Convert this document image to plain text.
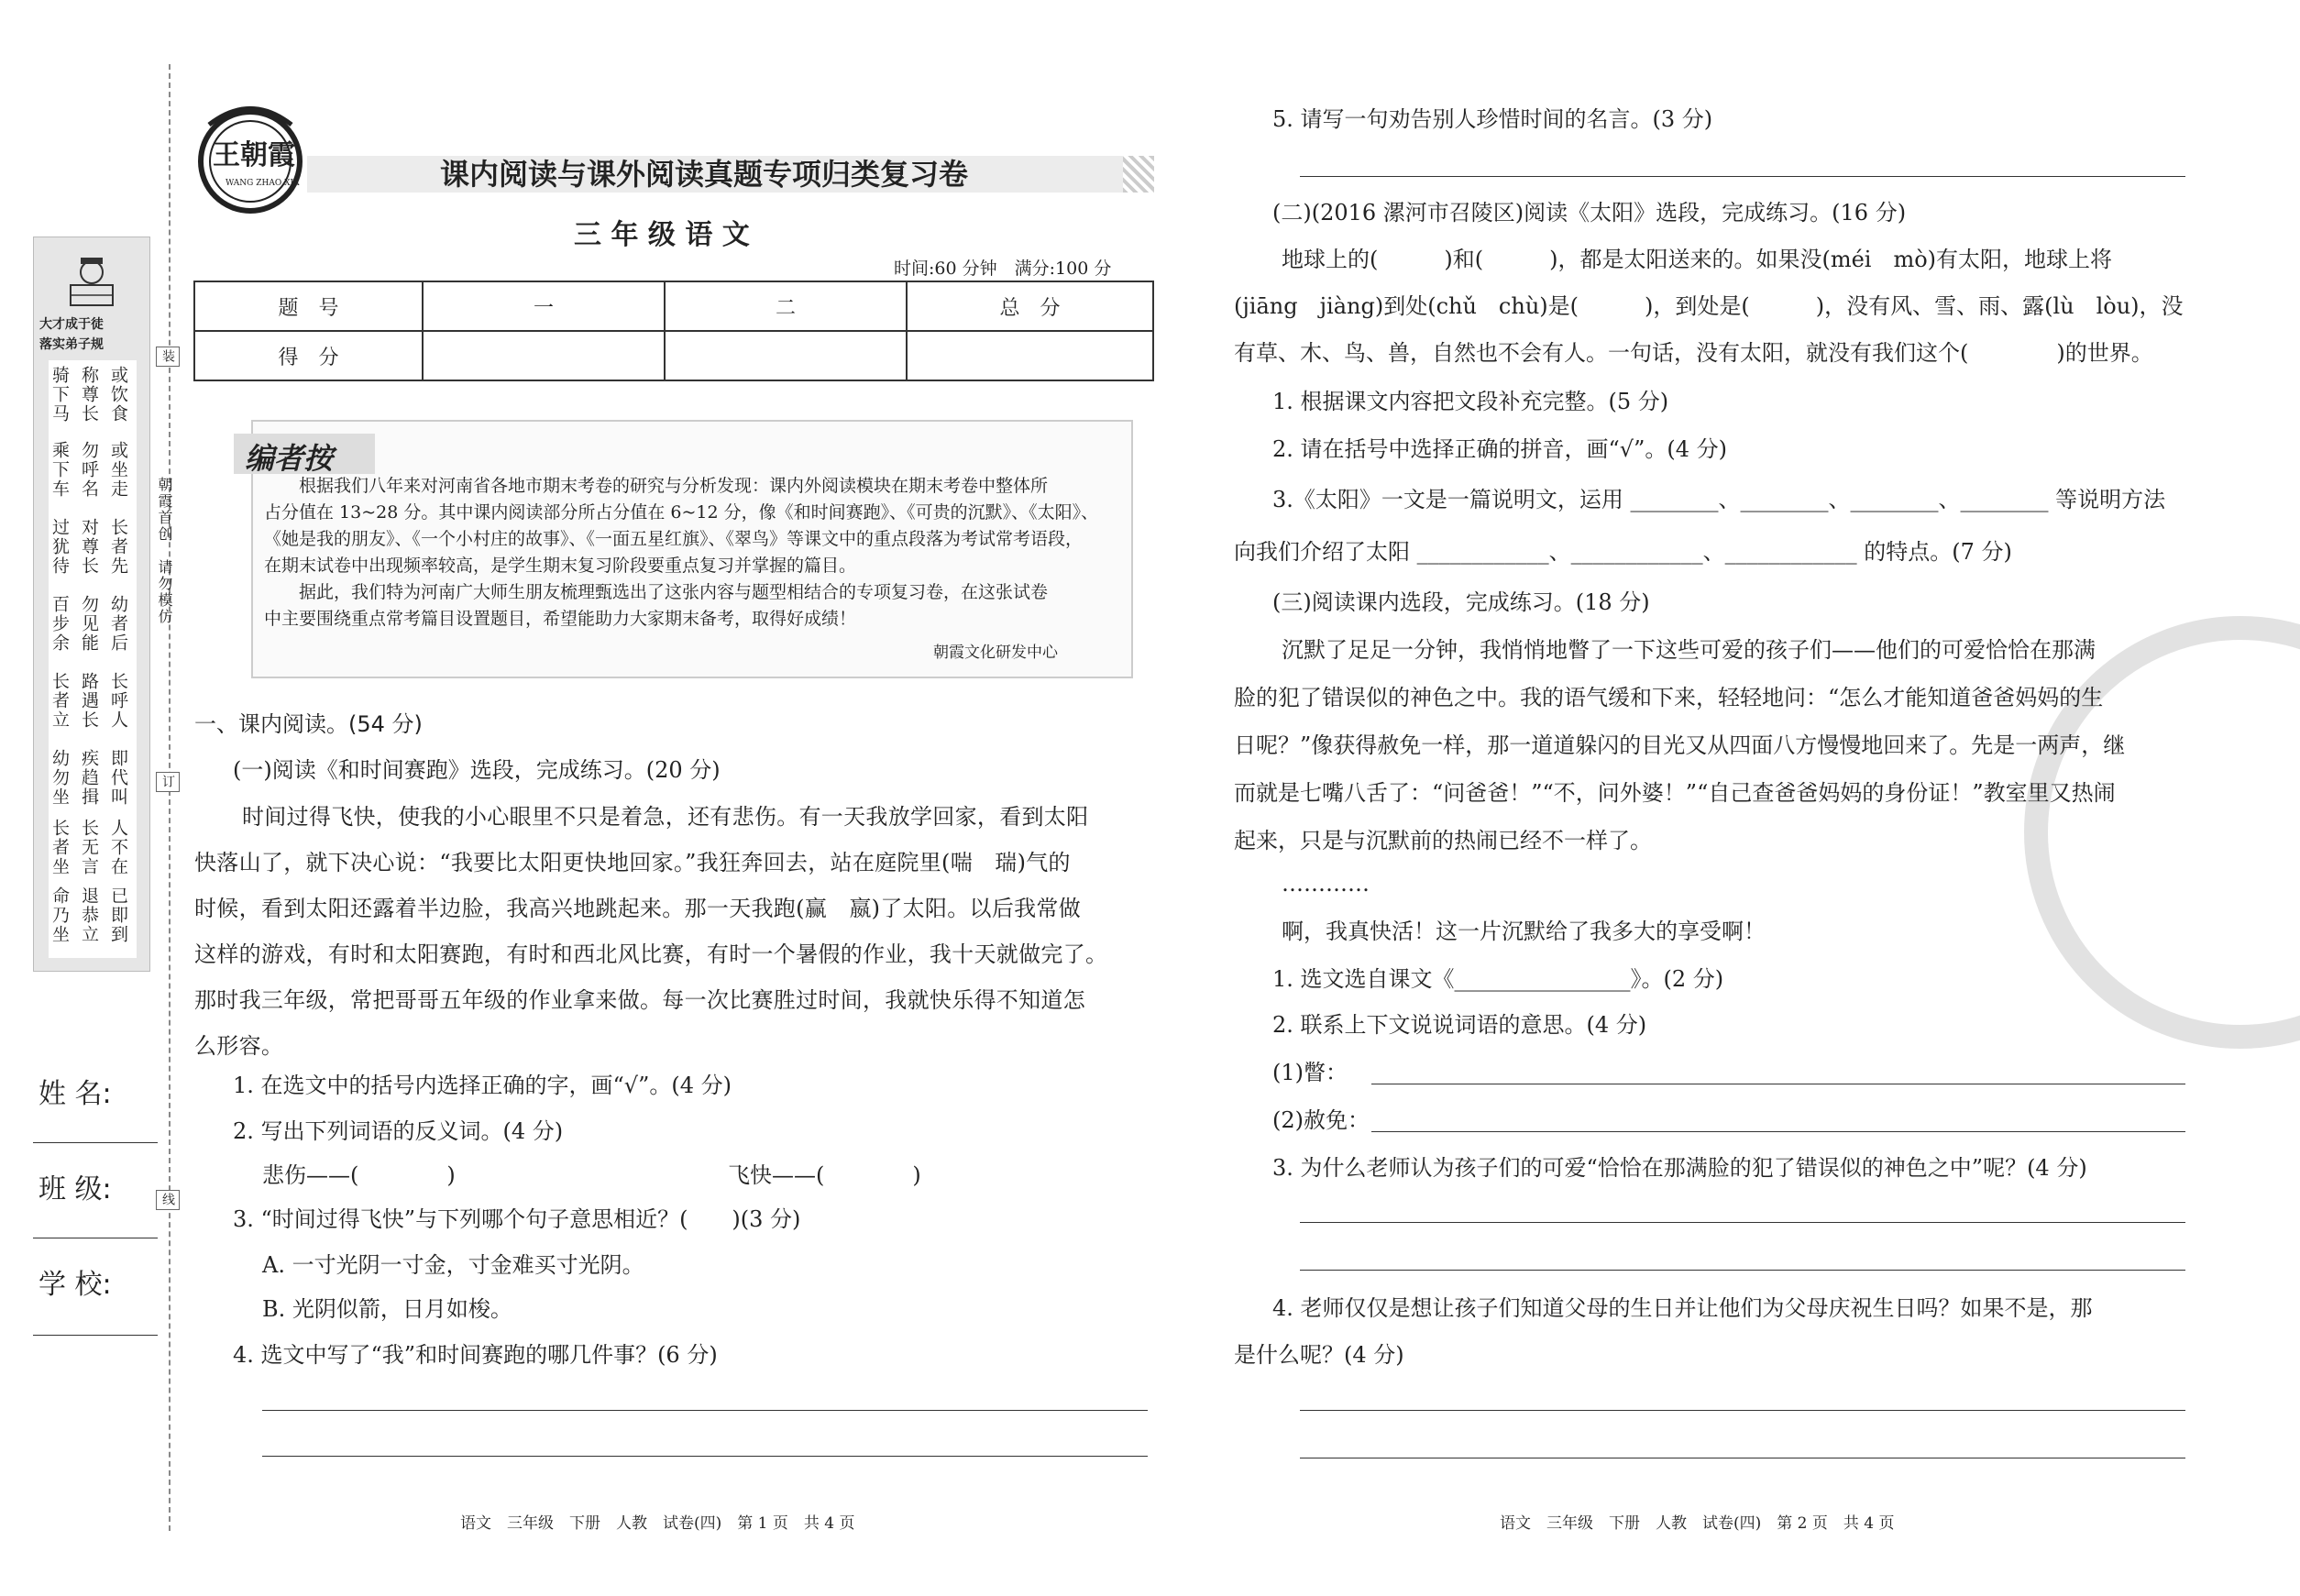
大才成于徒
落实弟子规
骑下马 称尊长 或饮食
乘下车 勿呼名 或坐走
过犹待 对尊长 长者先
百步余 勿见能 幼者后
长者立 路遇长 长呼人
幼勿坐 疾趋揖 即代叫
长者坐 长无言 人不在
命乃坐 退恭立 已即到
装
朝霞首创　请勿模仿
订
线
姓 名:
班 级:
学 校:
王朝霞
WANG ZHAO XIA	课内阅读与课外阅读真题专项归类复习卷
三 年 级 语 文
时间:60 分钟　满分:100 分
题　号	一	二	总　分
得　分			
编者按
根据我们八年来对河南省各地市期末考卷的研究与分析发现：课内外阅读模块在期末考卷中整体所
占分值在 13~28 分。其中课内阅读部分所占分值在 6~12 分，像《和时间赛跑》、《可贵的沉默》、《太阳》、
《她是我的朋友》、《一个小村庄的故事》、《一面五星红旗》、《翠鸟》等课文中的重点段落为考试常考语段，
在期末试卷中出现频率较高，是学生期末复习阶段要重点复习并掌握的篇目。
据此，我们特为河南广大师生朋友梳理甄选出了这张内容与题型相结合的专项复习卷，在这张试卷
中主要围绕重点常考篇目设置题目，希望能助力大家期末备考，取得好成绩！
朝霞文化研发中心
一、课内阅读。(54 分)
(一)阅读《和时间赛跑》选段，完成练习。(20 分)
时间过得飞快，使我的小心眼里不只是着急，还有悲伤。有一天我放学回家，看到太阳
快落山了，就下决心说：“我要比太阳更快地回家。”我狂奔回去，站在庭院里(喘　瑞)气的
时候，看到太阳还露着半边脸，我高兴地跳起来。那一天我跑(赢　嬴)了太阳。以后我常做
这样的游戏，有时和太阳赛跑，有时和西北风比赛，有时一个暑假的作业，我十天就做完了。
那时我三年级，常把哥哥五年级的作业拿来做。每一次比赛胜过时间，我就快乐得不知道怎
么形容。
1. 在选文中的括号内选择正确的字，画“√”。(4 分)
2. 写出下列词语的反义词。(4 分)
悲伤——(　　　　)	飞快——(　　　　)
3. “时间过得飞快”与下列哪个句子意思相近？(　　)(3 分)
A. 一寸光阴一寸金，寸金难买寸光阴。
B. 光阴似箭，日月如梭。
4. 选文中写了“我”和时间赛跑的哪几件事？(6 分)
语文　三年级　下册　人教　试卷(四)　第 1 页　共 4 页
5. 请写一句劝告别人珍惜时间的名言。(3 分)
(二)(2016 漯河市召陵区)阅读《太阳》选段，完成练习。(16 分)
地球上的(　　　)和(　　　)，都是太阳送来的。如果没(méi　mò)有太阳，地球上将
(jiāng　jiàng)到处(chǔ　chù)是(　　　)，到处是(　　　)，没有风、雪、雨、露(lù　lòu)，没
有草、木、鸟、兽，自然也不会有人。一句话，没有太阳，就没有我们这个(　　　　)的世界。
1. 根据课文内容把文段补充完整。(5 分)
2. 请在括号中选择正确的拼音，画“√”。(4 分)
3.《太阳》一文是一篇说明文，运用 ________、________、________、________ 等说明方法
向我们介绍了太阳 ____________、____________、____________ 的特点。(7 分)
(三)阅读课内选段，完成练习。(18 分)
沉默了足足一分钟，我悄悄地瞥了一下这些可爱的孩子们——他们的可爱恰恰在那满
脸的犯了错误似的神色之中。我的语气缓和下来，轻轻地问：“怎么才能知道爸爸妈妈的生
日呢？”像获得赦免一样，那一道道躲闪的目光又从四面八方慢慢地回来了。先是一两声，继
而就是七嘴八舌了：“问爸爸！”“不，问外婆！”“自己查爸爸妈妈的身份证！”教室里又热闹
起来，只是与沉默前的热闹已经不一样了。
…………
啊，我真快活！这一片沉默给了我多大的享受啊！
1. 选文选自课文《________________》。(2 分)
2. 联系上下文说说词语的意思。(4 分)
(1)瞥：
(2)赦免：
3. 为什么老师认为孩子们的可爱“恰恰在那满脸的犯了错误似的神色之中”呢？(4 分)
4. 老师仅仅是想让孩子们知道父母的生日并让他们为父母庆祝生日吗？如果不是，那
是什么呢？(4 分)
语文　三年级　下册　人教　试卷(四)　第 2 页　共 4 页
